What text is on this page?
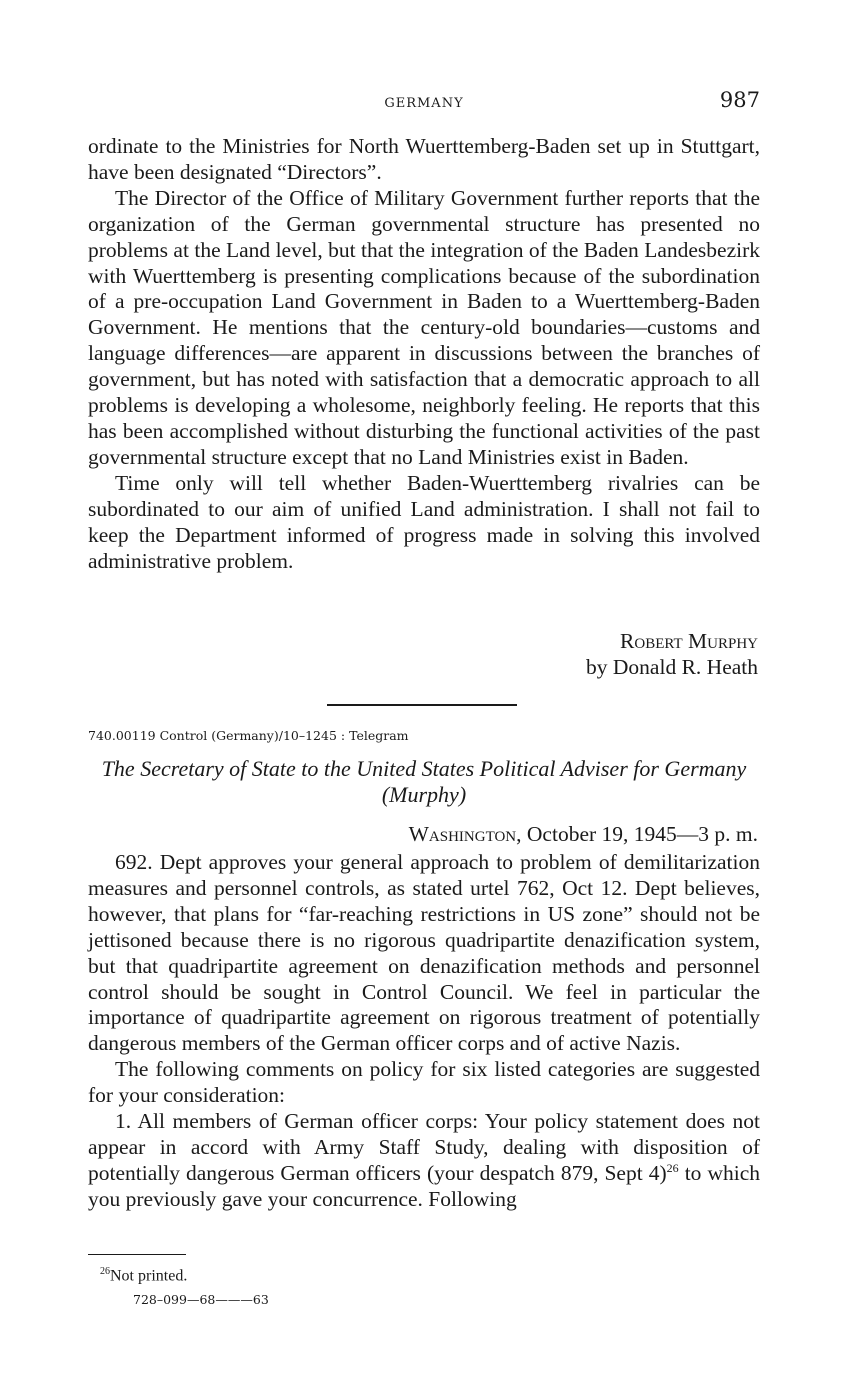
GERMANY	987

ordinate to the Ministries for North Wuerttemberg-Baden set up in Stuttgart, have been designated “Directors”.

The Director of the Office of Military Government further reports that the organization of the German governmental structure has presented no problems at the Land level, but that the integration of the Baden Landesbezirk with Wuerttemberg is presenting complications because of the subordination of a pre-occupation Land Government in Baden to a Wuerttemberg-Baden Government. He mentions that the century-old boundaries—customs and language differences—are apparent in discussions between the branches of government, but has noted with satisfaction that a democratic approach to all problems is developing a wholesome, neighborly feeling. He reports that this has been accomplished without disturbing the functional activities of the past governmental structure except that no Land Ministries exist in Baden.

Time only will tell whether Baden-Wuerttemberg rivalries can be subordinated to our aim of unified Land administration. I shall not fail to keep the Department informed of progress made in solving this involved administrative problem.

Robert Murphy
by Donald R. Heath
740.00119 Control (Germany)/10–1245 : Telegram
The Secretary of State to the United States Political Adviser for Germany (Murphy)
Washington, October 19, 1945—3 p. m.

692. Dept approves your general approach to problem of demilitarization measures and personnel controls, as stated urtel 762, Oct 12. Dept believes, however, that plans for “far-reaching restrictions in US zone” should not be jettisoned because there is no rigorous quadripartite denazification system, but that quadripartite agreement on denazification methods and personnel control should be sought in Control Council. We feel in particular the importance of quadripartite agreement on rigorous treatment of potentially dangerous members of the German officer corps and of active Nazis.

The following comments on policy for six listed categories are suggested for your consideration:

1. All members of German officer corps: Your policy statement does not appear in accord with Army Staff Study, dealing with disposition of potentially dangerous German officers (your despatch 879, Sept 4)$^{26}$ to which you previously gave your concurrence. Following

$^{26}$Not printed.
728–099—68———63
